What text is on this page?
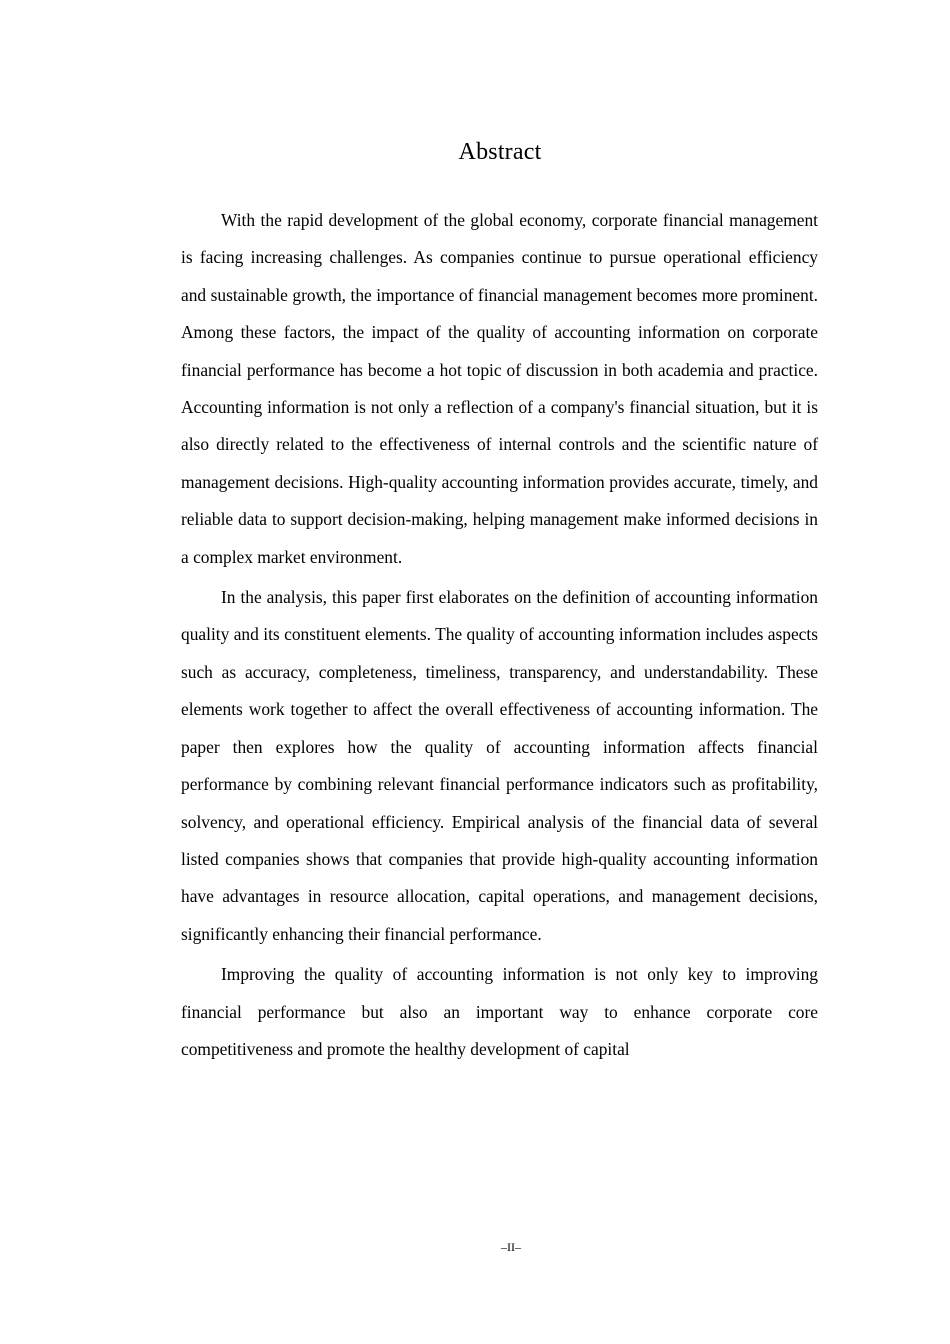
Abstract

With the rapid development of the global economy, corporate financial management is facing increasing challenges. As companies continue to pursue operational efficiency and sustainable growth, the importance of financial management becomes more prominent. Among these factors, the impact of the quality of accounting information on corporate financial performance has become a hot topic of discussion in both academia and practice. Accounting information is not only a reflection of a company's financial situation, but it is also directly related to the effectiveness of internal controls and the scientific nature of management decisions. High-quality accounting information provides accurate, timely, and reliable data to support decision-making, helping management make informed decisions in a complex market environment.

In the analysis, this paper first elaborates on the definition of accounting information quality and its constituent elements. The quality of accounting information includes aspects such as accuracy, completeness, timeliness, transparency, and understandability. These elements work together to affect the overall effectiveness of accounting information. The paper then explores how the quality of accounting information affects financial performance by combining relevant financial performance indicators such as profitability, solvency, and operational efficiency. Empirical analysis of the financial data of several listed companies shows that companies that provide high-quality accounting information have advantages in resource allocation, capital operations, and management decisions, significantly enhancing their financial performance.

Improving the quality of accounting information is not only key to improving financial performance but also an important way to enhance corporate core competitiveness and promote the healthy development of capital

–II–
